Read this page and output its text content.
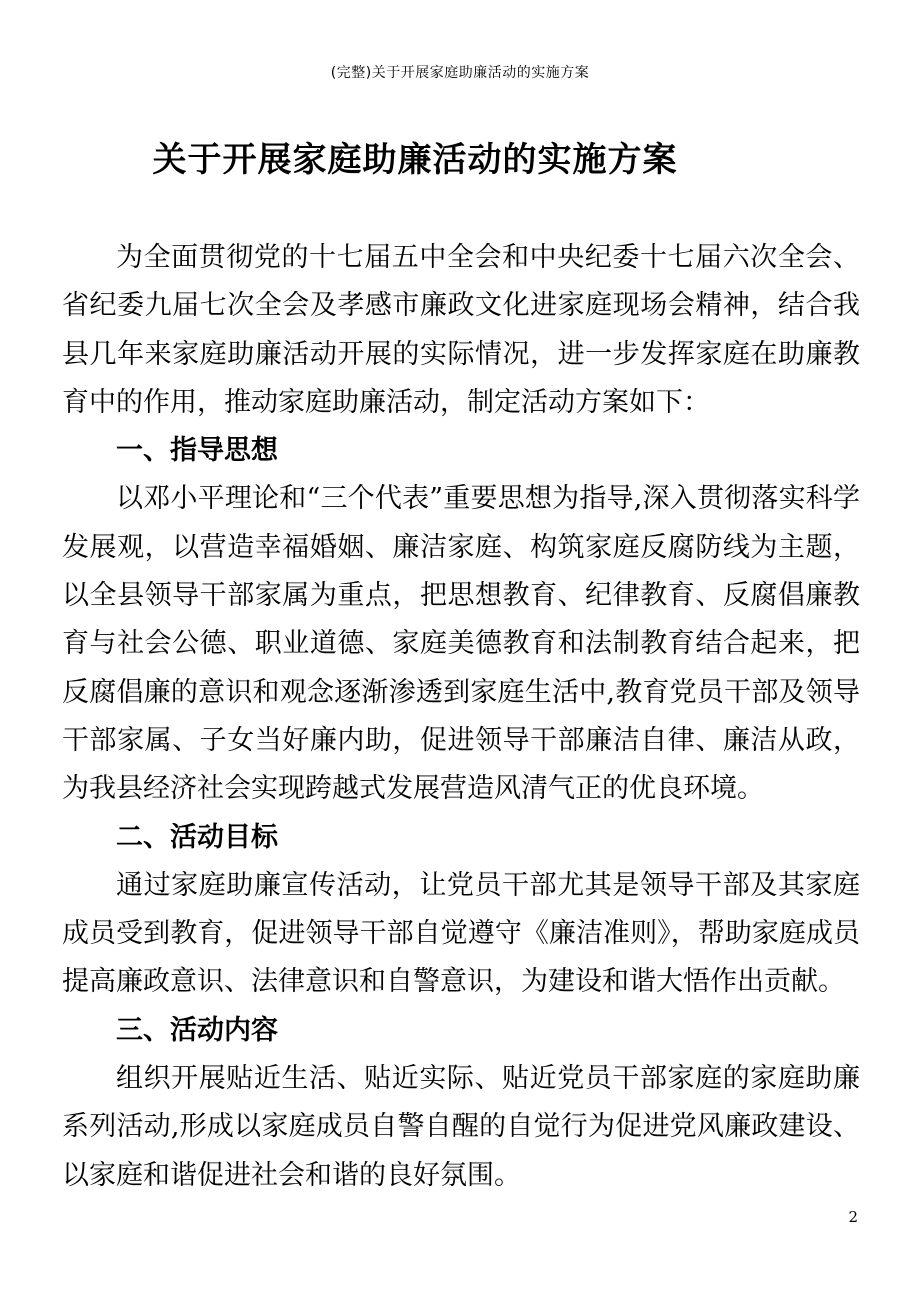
(完整)关于开展家庭助廉活动的实施方案
关于开展家庭助廉活动的实施方案

为全面贯彻党的十七届五中全会和中央纪委十七届六次全会、省纪委九届七次全会及孝感市廉政文化进家庭现场会精神，结合我县几年来家庭助廉活动开展的实际情况，进一步发挥家庭在助廉教育中的作用，推动家庭助廉活动，制定活动方案如下：

一、指导思想

以邓小平理论和“三个代表”重要思想为指导,深入贯彻落实科学发展观，以营造幸福婚姻、廉洁家庭、构筑家庭反腐防线为主题，以全县领导干部家属为重点，把思想教育、纪律教育、反腐倡廉教育与社会公德、职业道德、家庭美德教育和法制教育结合起来，把反腐倡廉的意识和观念逐渐渗透到家庭生活中,教育党员干部及领导干部家属、子女当好廉内助，促进领导干部廉洁自律、廉洁从政，为我县经济社会实现跨越式发展营造风清气正的优良环境。

二、活动目标

通过家庭助廉宣传活动，让党员干部尤其是领导干部及其家庭成员受到教育，促进领导干部自觉遵守《廉洁准则》，帮助家庭成员提高廉政意识、法律意识和自警意识，为建设和谐大悟作出贡献。

三、活动内容

组织开展贴近生活、贴近实际、贴近党员干部家庭的家庭助廉系列活动,形成以家庭成员自警自醒的自觉行为促进党风廉政建设、以家庭和谐促进社会和谐的良好氛围。

2
